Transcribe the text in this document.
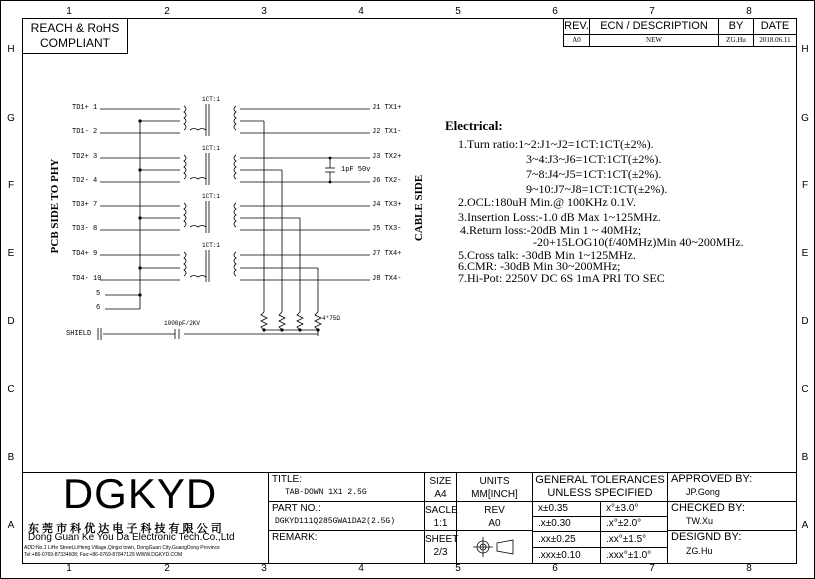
1	2	3	4	5	6	7	8
1	2	3	4	5	6	7	8
H
G
F
E
D
C
B
A
H
G
F
E
D
C
B
A
REACH & RoHS
COMPLIANT
REV.	ECN / DESCRIPTION	BY	DATE
A0	NEW	ZG.Hu	2018.06.11
TD1+ 1
TD1- 2
TD2+ 3
TD2- 4
TD3+ 7
TD3- 8
TD4+ 9
TD4- 10
5
6
J1 TX1+
J2 TX1-
J3 TX2+
J6 TX2-
J4 TX3+
J5 TX3-
J7 TX4+
J8 TX4-
1CT:1
1CT:1
1CT:1
1CT:1
1pF 50v
4*75Ω
1000pF/2KV
SHIELD
PCB SIDE TO PHY	CABLE SIDE
Electrical:
1.Turn ratio:1~2:J1~J2=1CT:1CT(±2%).
3~4:J3~J6=1CT:1CT(±2%).
7~8:J4~J5=1CT:1CT(±2%).
9~10:J7~J8=1CT:1CT(±2%).
2.OCL:180uH Min.@ 100KHz 0.1V.
3.Insertion Loss:-1.0 dB Max 1~125MHz.
4.Return loss:-20dB Min 1 ~ 40MHz;
-20+15LOG10(f/40MHz)Min 40~200MHz.
5.Cross talk: -30dB Min 1~125MHz.
6.CMR: -30dB Min 30~200MHz;
7.Hi-Pot: 2250V DC 6S 1mA PRI TO SEC
DGKYD
东 莞 市 科 优 达 电 子 科 技 有 限 公 司
Dong Guan Ke You Da Electronic Tech.Co.,Ltd
ADD:No.1 LiHe Street,LiHeng Village,Qingxi town, DongGuan City,GuangDong Province
Tel:+86-0769-87334608; Fax:+86-0769-87847129 WWW.DGKYD.COM
TITLE:
TAB-DOWN 1X1 2.5G
PART NO.:
DGKYD111Q285GWA1DA2(2.5G)
REMARK:
SIZE
A4
UNITS
MM[INCH]
SACLE
1:1
REV
A0
SHEET
2/3
GENERAL TOLERANCES
UNLESS SPECIFIED
x±0.35	x°±3.0°
.x±0.30	.x°±2.0°
.xx±0.25	.xx°±1.5°
.xxx±0.10	.xxx°±1.0°
APPROVED BY:
JP.Gong
CHECKED BY:
TW.Xu
DESIGND BY:
ZG.Hu
